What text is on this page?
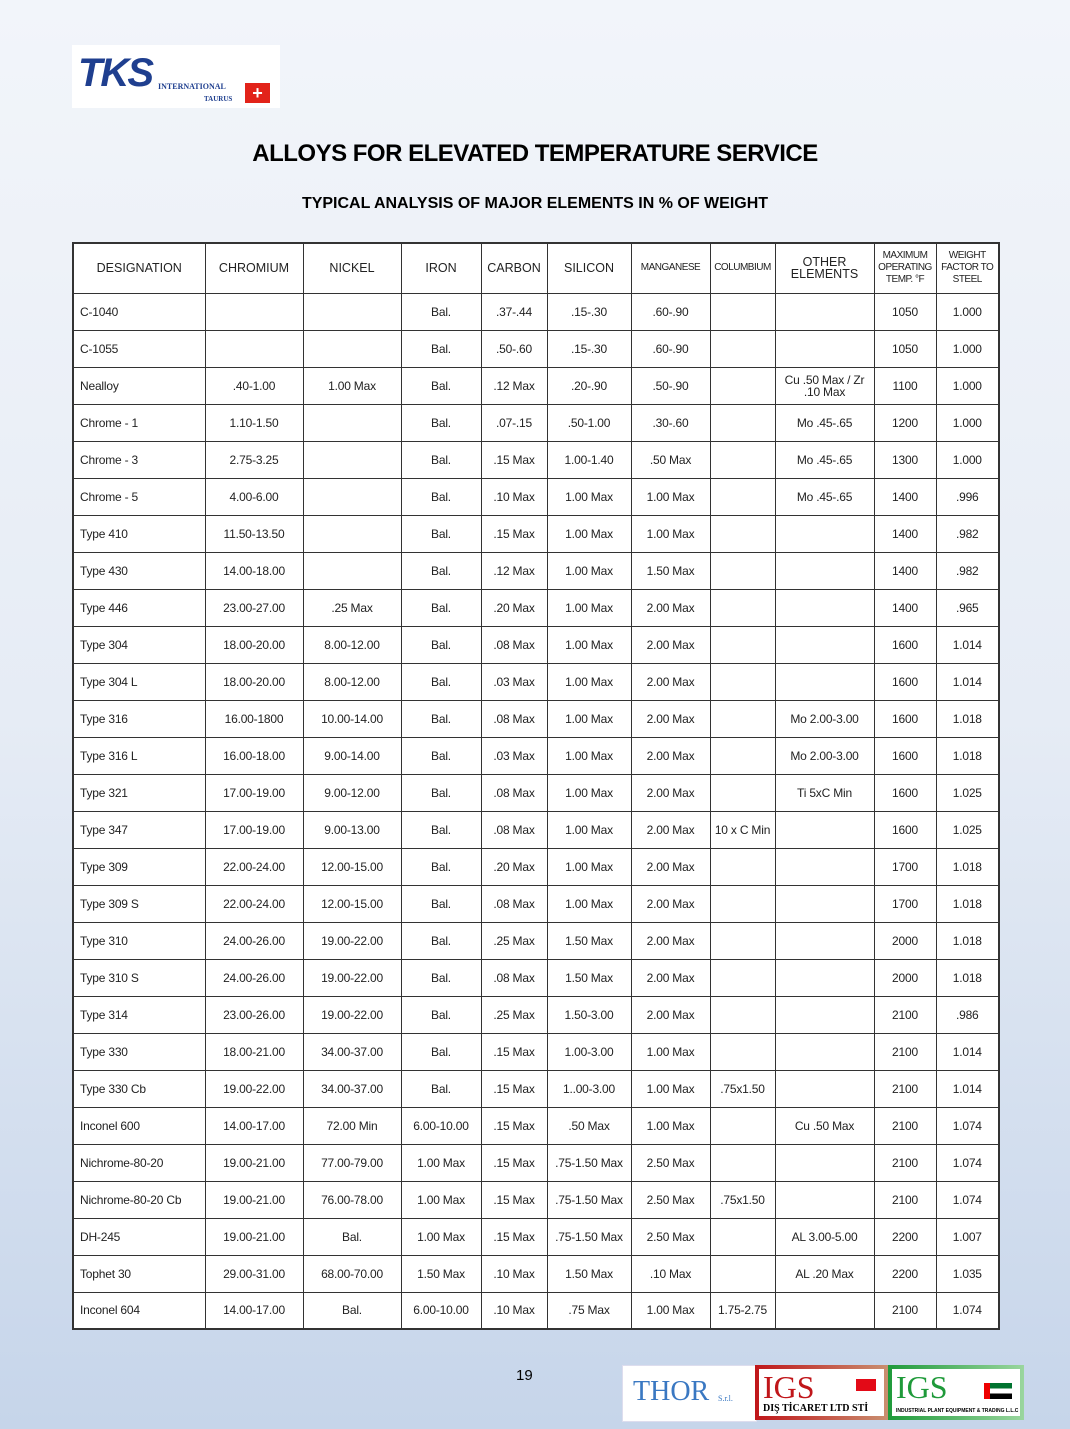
TKS INTERNATIONAL
TAURUS	+
ALLOYS FOR ELEVATED TEMPERATURE SERVICE
TYPICAL ANALYSIS OF MAJOR ELEMENTS IN % OF WEIGHT
DESIGNATION	CHROMIUM	NICKEL	IRON	CARBON	SILICON	MANGANESE	COLUMBIUM	OTHER ELEMENTS	MAXIMUM OPERATING TEMP. °F	WEIGHT FACTOR TO STEEL
C-1040			Bal.	.37-.44	.15-.30	.60-.90			1050	1.000
C-1055			Bal.	.50-.60	.15-.30	.60-.90			1050	1.000
Nealloy	.40-1.00	1.00 Max	Bal.	.12 Max	.20-.90	.50-.90		Cu .50 Max / Zr .10 Max	1100	1.000
Chrome - 1	1.10-1.50		Bal.	.07-.15	.50-1.00	.30-.60		Mo .45-.65	1200	1.000
Chrome - 3	2.75-3.25		Bal.	.15 Max	1.00-1.40	.50 Max		Mo .45-.65	1300	1.000
Chrome - 5	4.00-6.00		Bal.	.10 Max	1.00 Max	1.00 Max		Mo .45-.65	1400	.996
Type 410	11.50-13.50		Bal.	.15 Max	1.00 Max	1.00 Max			1400	.982
Type 430	14.00-18.00		Bal.	.12 Max	1.00 Max	1.50 Max			1400	.982
Type 446	23.00-27.00	.25 Max	Bal.	.20 Max	1.00 Max	2.00 Max			1400	.965
Type 304	18.00-20.00	8.00-12.00	Bal.	.08 Max	1.00 Max	2.00 Max			1600	1.014
Type 304 L	18.00-20.00	8.00-12.00	Bal.	.03 Max	1.00 Max	2.00 Max			1600	1.014
Type 316	16.00-1800	10.00-14.00	Bal.	.08 Max	1.00 Max	2.00 Max		Mo 2.00-3.00	1600	1.018
Type 316 L	16.00-18.00	9.00-14.00	Bal.	.03 Max	1.00 Max	2.00 Max		Mo 2.00-3.00	1600	1.018
Type 321	17.00-19.00	9.00-12.00	Bal.	.08 Max	1.00 Max	2.00 Max		Ti 5xC Min	1600	1.025
Type 347	17.00-19.00	9.00-13.00	Bal.	.08 Max	1.00 Max	2.00 Max	10 x C Min		1600	1.025
Type 309	22.00-24.00	12.00-15.00	Bal.	.20 Max	1.00 Max	2.00 Max			1700	1.018
Type 309 S	22.00-24.00	12.00-15.00	Bal.	.08 Max	1.00 Max	2.00 Max			1700	1.018
Type 310	24.00-26.00	19.00-22.00	Bal.	.25 Max	1.50 Max	2.00 Max			2000	1.018
Type 310 S	24.00-26.00	19.00-22.00	Bal.	.08 Max	1.50 Max	2.00 Max			2000	1.018
Type 314	23.00-26.00	19.00-22.00	Bal.	.25 Max	1.50-3.00	2.00 Max			2100	.986
Type 330	18.00-21.00	34.00-37.00	Bal.	.15 Max	1.00-3.00	1.00 Max			2100	1.014
Type 330 Cb	19.00-22.00	34.00-37.00	Bal.	.15 Max	1..00-3.00	1.00 Max	.75x1.50		2100	1.014
Inconel 600	14.00-17.00	72.00 Min	6.00-10.00	.15 Max	.50 Max	1.00 Max		Cu .50 Max	2100	1.074
Nichrome-80-20	19.00-21.00	77.00-79.00	1.00 Max	.15 Max	.75-1.50 Max	2.50 Max			2100	1.074
Nichrome-80-20 Cb	19.00-21.00	76.00-78.00	1.00 Max	.15 Max	.75-1.50 Max	2.50 Max	.75x1.50		2100	1.074
DH-245	19.00-21.00	Bal.	1.00 Max	.15 Max	.75-1.50 Max	2.50 Max		AL 3.00-5.00	2200	1.007
Tophet 30	29.00-31.00	68.00-70.00	1.50 Max	.10 Max	1.50 Max	.10 Max		AL .20 Max	2200	1.035
Inconel 604	14.00-17.00	Bal.	6.00-10.00	.10 Max	.75 Max	1.00 Max	1.75-2.75		2100	1.074
19
THOR S.r.l. IGS
DIŞ TİCARET LTD STİ
IGS
INDUSTRIAL PLANT EQUIPMENT & TRADING L.L.C
